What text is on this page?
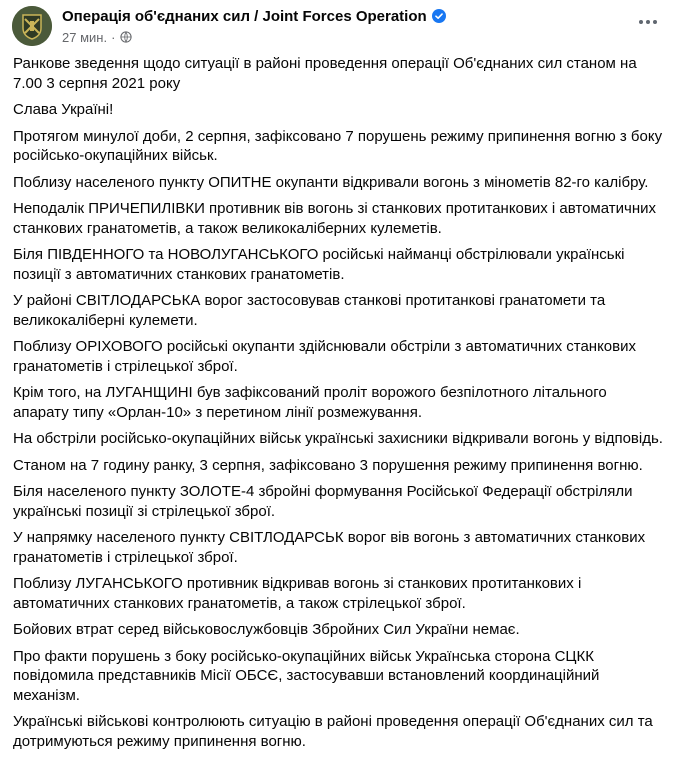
Операція об'єднаних сил / Joint Forces Operation
27 мин. ·

Ранкове зведення щодо ситуації в районі проведення операції Об'єднаних сил станом на 7.00 3 серпня 2021 року

Слава Україні!

Протягом минулої доби, 2 серпня, зафіксовано 7 порушень режиму припинення вогню з боку російсько-окупаційних військ.

Поблизу населеного пункту ОПИТНЕ окупанти відкривали вогонь з мінометів 82-го калібру.

Неподалік ПРИЧЕПИЛІВКИ противник вів вогонь зі станкових протитанкових і автоматичних станкових гранатометів, а також великокаліберних кулеметів.

Біля ПІВДЕННОГО та НОВОЛУГАНСЬКОГО російські найманці обстрілювали українські позиції з автоматичних станкових гранатометів.

У районі СВІТЛОДАРСЬКА ворог застосовував станкові протитанкові гранатомети та великокаліберні кулемети.

Поблизу ОРІХОВОГО російські окупанти здійснювали обстріли з автоматичних станкових гранатометів і стрілецької зброї.

Крім того, на ЛУГАНЩИНІ був зафіксований проліт ворожого безпілотного літального апарату типу «Орлан-10» з перетином лінії розмежування.

На обстріли російсько-окупаційних військ українські захисники відкривали вогонь у відповідь.

Станом на 7 годину ранку, 3 серпня, зафіксовано 3 порушення режиму припинення вогню.

Біля населеного пункту ЗОЛОТЕ-4 збройні формування Російської Федерації обстріляли українські позиції зі стрілецької зброї.

У напрямку населеного пункту СВІТЛОДАРСЬК ворог вів вогонь з автоматичних станкових гранатометів і стрілецької зброї.

Поблизу ЛУГАНСЬКОГО противник відкривав вогонь зі станкових протитанкових і автоматичних станкових гранатометів, а також стрілецької зброї.

Бойових втрат серед військовослужбовців Збройних Сил України немає.

Про факти порушень з боку російсько-окупаційних військ Українська сторона СЦКК повідомила представників Місії ОБСЄ, застосувавши встановлений координаційний механізм.

Українські військові контролюють ситуацію в районі проведення операції Об'єднаних сил та дотримуються режиму припинення вогню.
